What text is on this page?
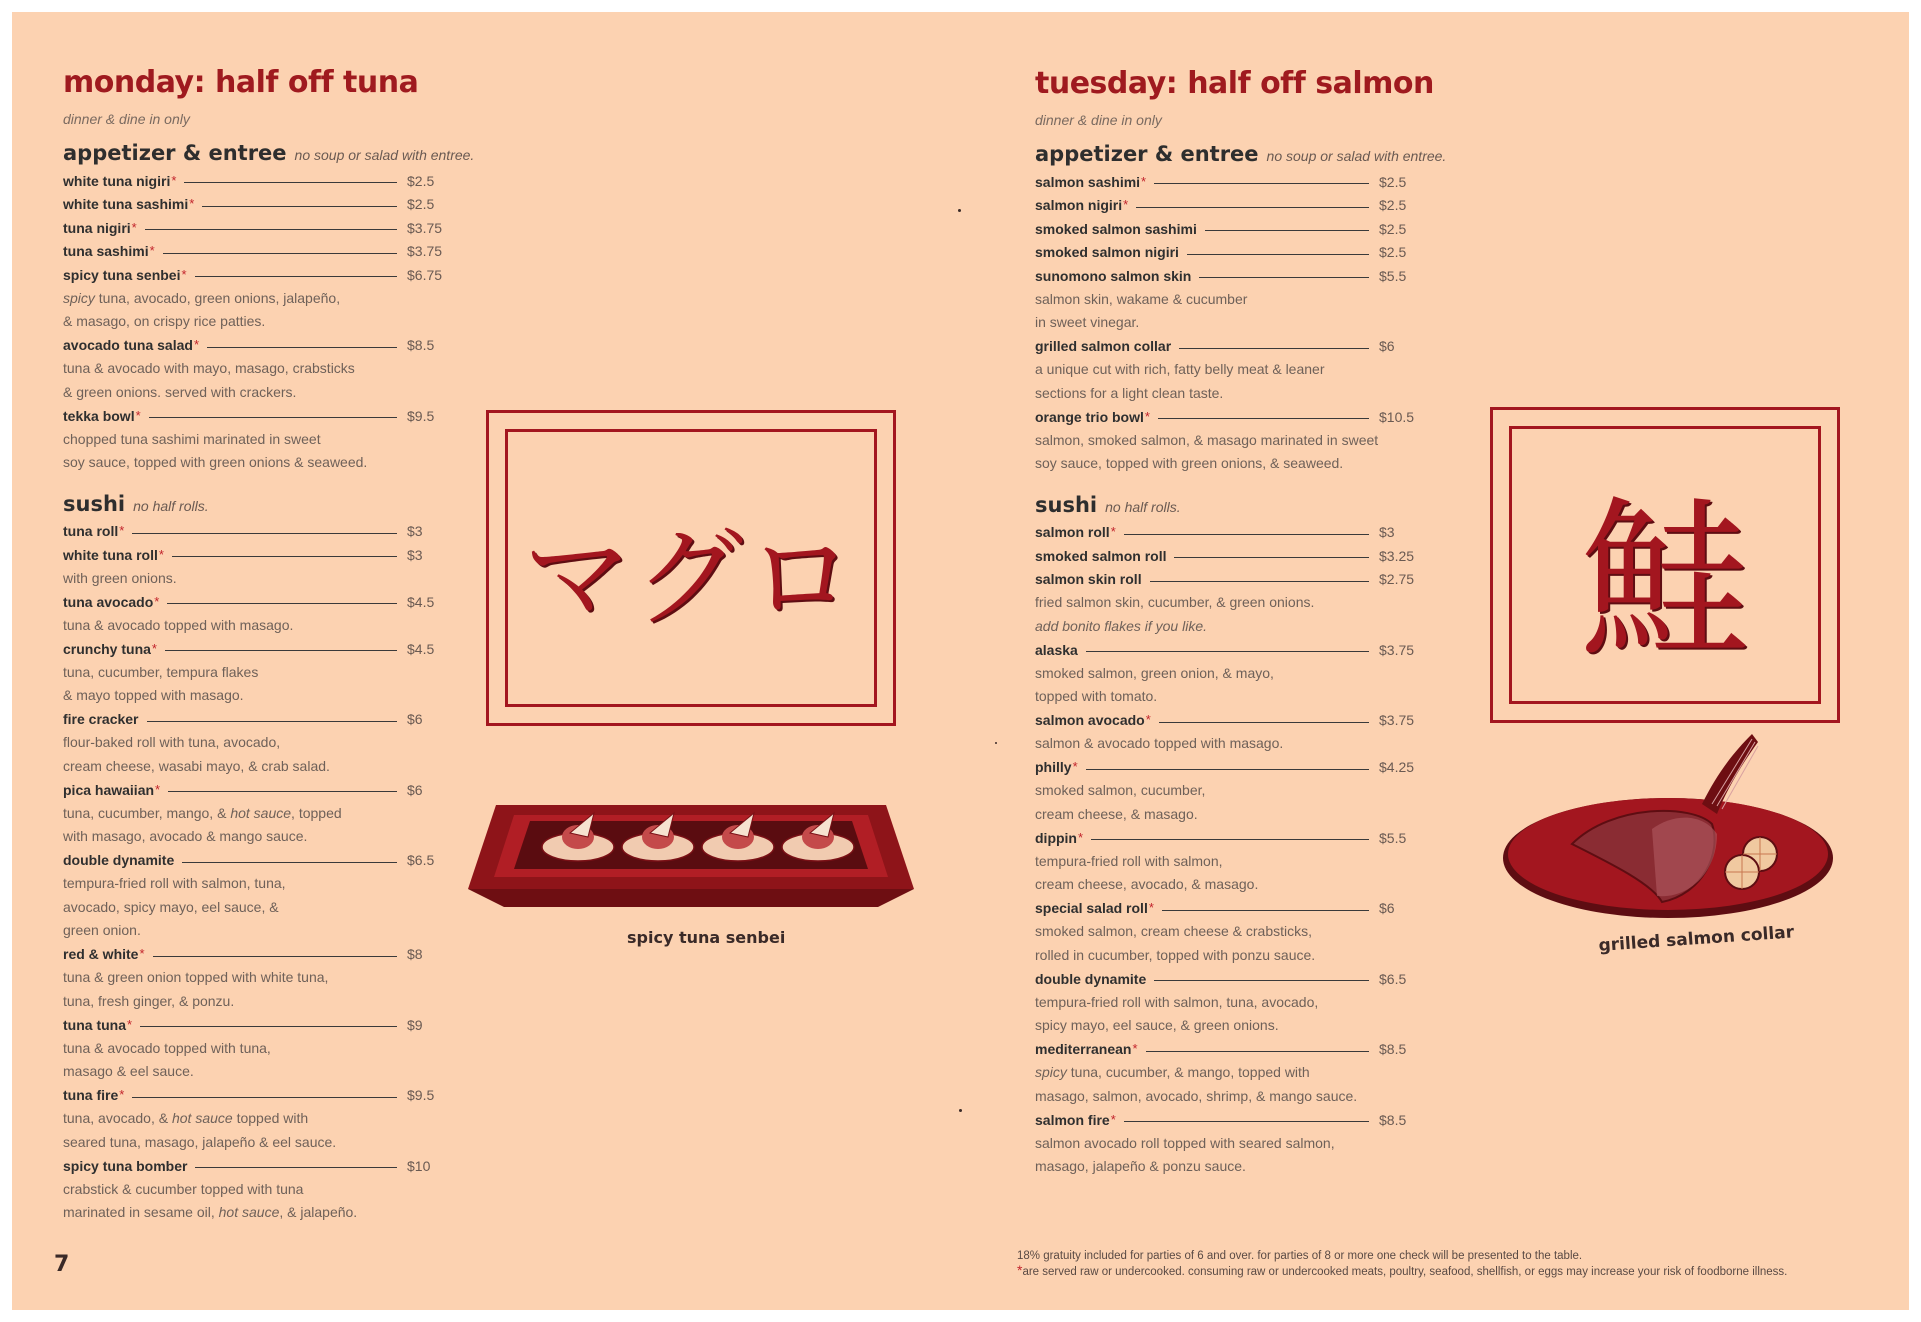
monday: half off tuna
dinner & dine in only
appetizer & entree no soup or salad with entree.
white tuna nigiri *	$2.5
white tuna sashimi *	$2.5
tuna nigiri *	$3.75
tuna sashimi *	$3.75
spicy tuna senbei *	$6.75
spicy tuna, avocado, green onions, jalapeño,
& masago, on crispy rice patties.
avocado tuna salad *	$8.5
tuna & avocado with mayo, masago, crabsticks
& green onions. served with crackers.
tekka bowl *	$9.5
chopped tuna sashimi marinated in sweet
soy sauce, topped with green onions & seaweed.
sushi no half rolls.
tuna roll *	$3
white tuna roll *	$3
with green onions.
tuna avocado *	$4.5
tuna & avocado topped with masago.
crunchy tuna *	$4.5
tuna, cucumber, tempura flakes
& mayo topped with masago.
fire cracker	$6
flour-baked roll with tuna, avocado,
cream cheese, wasabi mayo, & crab salad.
pica hawaiian *	$6
tuna, cucumber, mango, & hot sauce, topped
with masago, avocado & mango sauce.
double dynamite	$6.5
tempura-fried roll with salmon, tuna,
avocado, spicy mayo, eel sauce, &
green onion.
red & white *	$8
tuna & green onion topped with white tuna,
tuna, fresh ginger, & ponzu.
tuna tuna *	$9
tuna & avocado topped with tuna,
masago & eel sauce.
tuna fire *	$9.5
tuna, avocado, & hot sauce topped with
seared tuna, masago, jalapeño & eel sauce.
spicy tuna bomber	$10
crabstick & cucumber topped with tuna
marinated in sesame oil, hot sauce, & jalapeño.
tuesday: half off salmon
dinner & dine in only
appetizer & entree no soup or salad with entree.
salmon sashimi *	$2.5
salmon nigiri *	$2.5
smoked salmon sashimi	$2.5
smoked salmon nigiri	$2.5
sunomono salmon skin	$5.5
salmon skin, wakame & cucumber
in sweet vinegar.
grilled salmon collar	$6
a unique cut with rich, fatty belly meat & leaner
sections for a light clean taste.
orange trio bowl *	$10.5
salmon, smoked salmon, & masago marinated in sweet
soy sauce, topped with green onions, & seaweed.
sushi no half rolls.
salmon roll *	$3
smoked salmon roll	$3.25
salmon skin roll	$2.75
fried salmon skin, cucumber, & green onions.
add bonito flakes if you like.
alaska	$3.75
smoked salmon, green onion, & mayo,
topped with tomato.
salmon avocado *	$3.75
salmon & avocado topped with masago.
philly *	$4.25
smoked salmon, cucumber,
cream cheese, & masago.
dippin *	$5.5
tempura-fried roll with salmon,
cream cheese, avocado, & masago.
special salad roll *	$6
smoked salmon, cream cheese & crabsticks,
rolled in cucumber, topped with ponzu sauce.
double dynamite	$6.5
tempura-fried roll with salmon, tuna, avocado,
spicy mayo, eel sauce, & green onions.
mediterranean *	$8.5
spicy tuna, cucumber, & mango, topped with
masago, salmon, avocado, shrimp, & mango sauce.
salmon fire *	$8.5
salmon avocado roll topped with seared salmon,
masago, jalapeño & ponzu sauce.
マグロ
spicy tuna senbei
鮭
grilled salmon collar
7	18% gratuity included for parties of 6 and over. for parties of 8 or more one check will be presented to the table.
*are served raw or undercooked. consuming raw or undercooked meats, poultry, seafood, shellfish, or eggs may increase your risk of foodborne illness.
